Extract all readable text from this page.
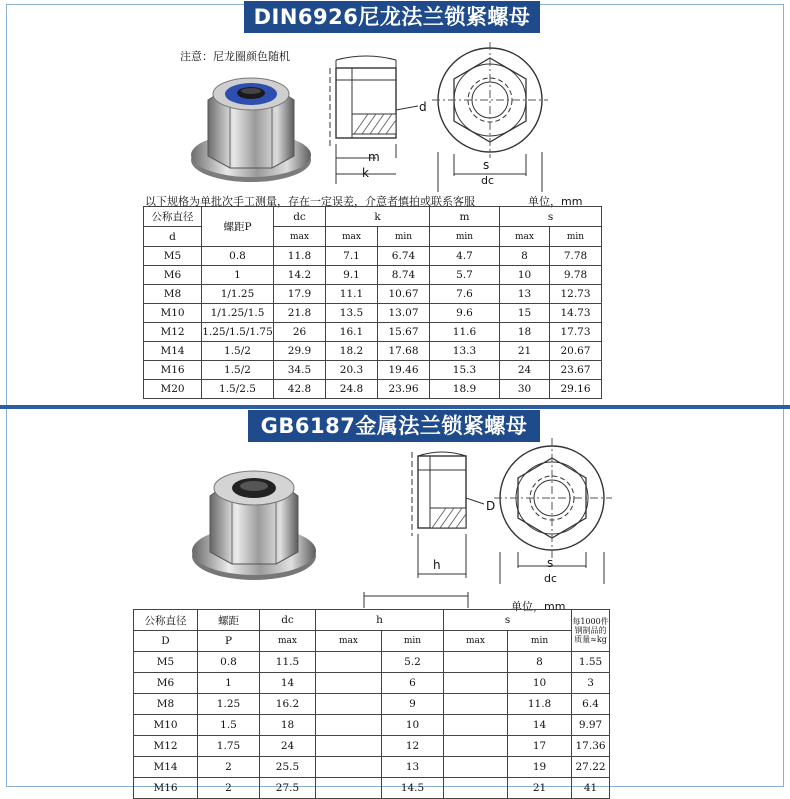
DIN6926尼龙法兰锁紧螺母
注意：尼龙圈颜色随机
d
m
k
s
dc
以下规格为单批次手工测量，存在一定误差，介意者慎拍或联系客服	单位，mm
公称直径	螺距P	dc	k		m	s	
d		max	max	min	min	max	min
M5	0.8	11.8	7.1	6.74	4.7	8	7.78
M6	1	14.2	9.1	8.74	5.7	10	9.78
M8	1/1.25	17.9	11.1	10.67	7.6	13	12.73
M10	1/1.25/1.5	21.8	13.5	13.07	9.6	15	14.73
M12	1.25/1.5/1.75	26	16.1	15.67	11.6	18	17.73
M14	1.5/2	29.9	18.2	17.68	13.3	21	20.67
M16	1.5/2	34.5	20.3	19.46	15.3	24	23.67
M20	1.5/2.5	42.8	24.8	23.96	18.9	30	29.16
GB6187金属法兰锁紧螺母
D
h	s
dc
单位，mm
公称直径	螺距	dc	h		s		每1000件钢制品的质量≈kg
D	P	max	max	min	max	min	
M5	0.8	11.5		5.2		8	1.55
M6	1	14		6		10	3
M8	1.25	16.2		9		11.8	6.4
M10	1.5	18		10		14	9.97
M12	1.75	24		12		17	17.36
M14	2	25.5		13		19	27.22
M16	2	27.5		14.5		21	41
